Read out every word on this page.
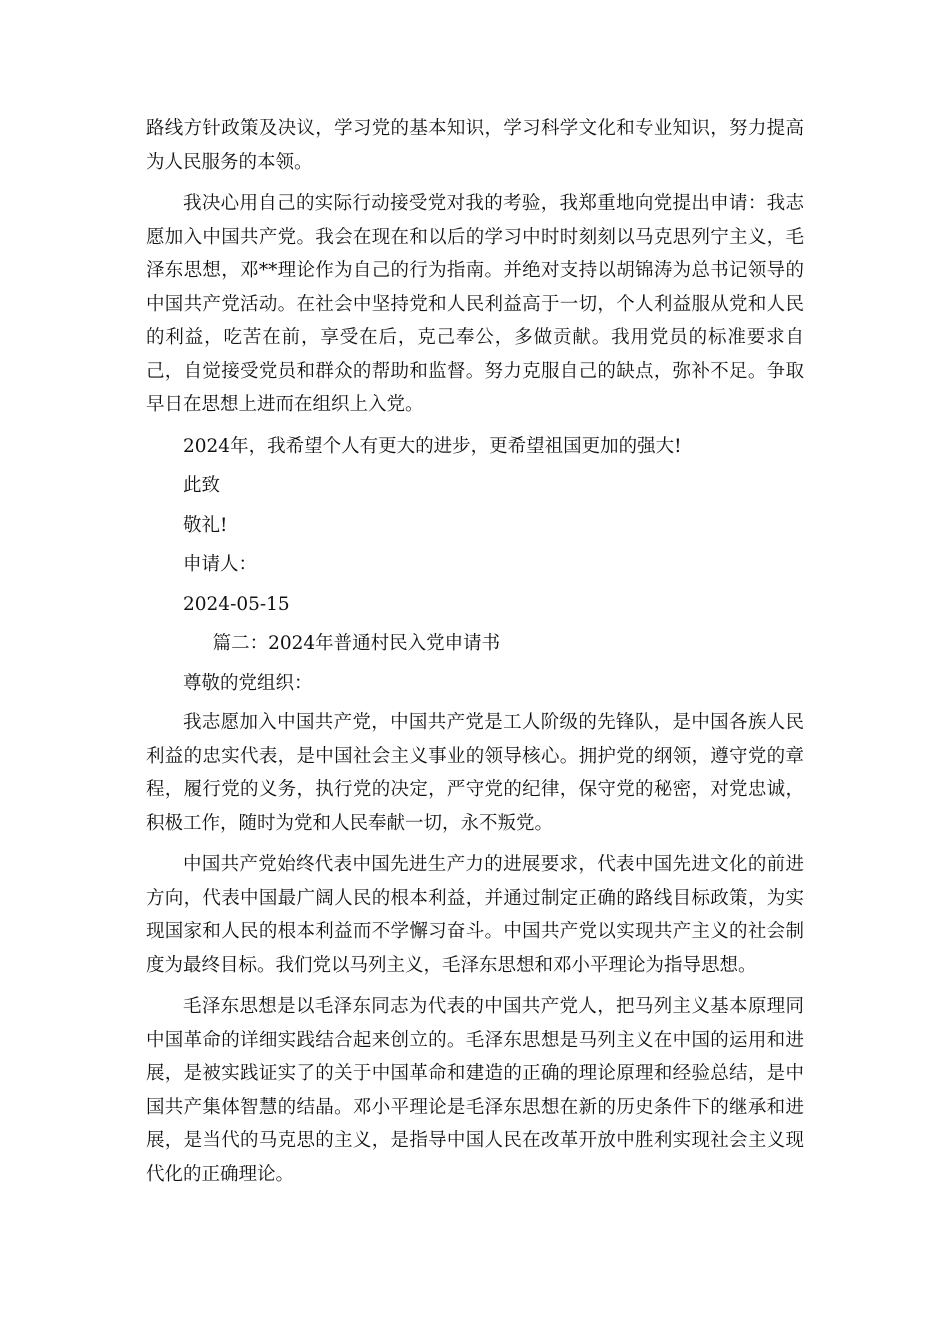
路线方针政策及决议，学习党的基本知识，学习科学文化和专业知识，努力提高为人民服务的本领。

我决心用自己的实际行动接受党对我的考验，我郑重地向党提出申请：我志愿加入中国共产党。我会在现在和以后的学习中时时刻刻以马克思列宁主义，毛泽东思想，邓**理论作为自己的行为指南。并绝对支持以胡锦涛为总书记领导的中国共产党活动。在社会中坚持党和人民利益高于一切，个人利益服从党和人民的利益，吃苦在前，享受在后，克己奉公，多做贡献。我用党员的标准要求自己，自觉接受党员和群众的帮助和监督。努力克服自己的缺点，弥补不足。争取早日在思想上进而在组织上入党。

2024年，我希望个人有更大的进步，更希望祖国更加的强大!

此致

敬礼!

申请人：

2024-05-15

篇二：2024年普通村民入党申请书

尊敬的党组织：

我志愿加入中国共产党，中国共产党是工人阶级的先锋队，是中国各族人民利益的忠实代表，是中国社会主义事业的领导核心。拥护党的纲领，遵守党的章程，履行党的义务，执行党的决定，严守党的纪律，保守党的秘密，对党忠诚，积极工作，随时为党和人民奉献一切，永不叛党。

中国共产党始终代表中国先进生产力的进展要求，代表中国先进文化的前进方向，代表中国最广阔人民的根本利益，并通过制定正确的路线目标政策，为实现国家和人民的根本利益而不学懈习奋斗。中国共产党以实现共产主义的社会制度为最终目标。我们党以马列主义，毛泽东思想和邓小平理论为指导思想。

毛泽东思想是以毛泽东同志为代表的中国共产党人，把马列主义基本原理同中国革命的详细实践结合起来创立的。毛泽东思想是马列主义在中国的运用和进展，是被实践证实了的关于中国革命和建造的正确的理论原理和经验总结，是中国共产集体智慧的结晶。邓小平理论是毛泽东思想在新的历史条件下的继承和进展，是当代的马克思的主义，是指导中国人民在改革开放中胜利实现社会主义现代化的正确理论。
